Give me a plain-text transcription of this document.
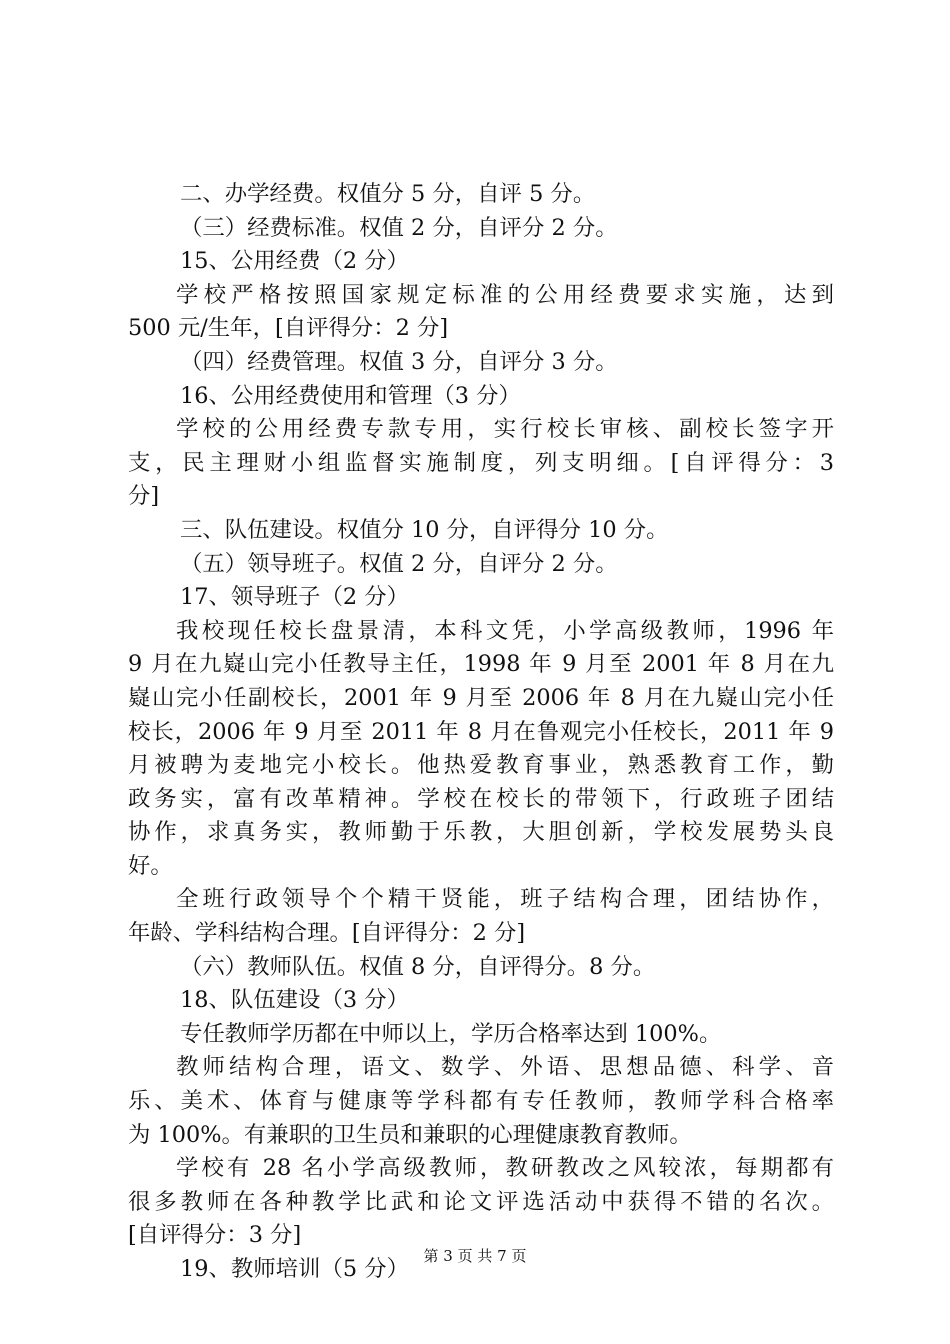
二、办学经费。权值分 5 分，自评 5 分。
（三）经费标准。权值 2 分，自评分 2 分。
15、公用经费（2 分）
学校严格按照国家规定标准的公用经费要求实施，达到
500 元/生年，[自评得分：2 分]
（四）经费管理。权值 3 分，自评分 3 分。
16、公用经费使用和管理（3 分）
学校的公用经费专款专用，实行校长审核、副校长签字开
支，民主理财小组监督实施制度，列支明细。[自评得分：3
分]
三、队伍建设。权值分 10 分，自评得分 10 分。
（五）领导班子。权值 2 分，自评分 2 分。
17、领导班子（2 分）
我校现任校长盘景清，本科文凭，小学高级教师，1996 年
9 月在九嶷山完小任教导主任，1998 年 9 月至 2001 年 8 月在九
嶷山完小任副校长，2001 年 9 月至 2006 年 8 月在九嶷山完小任
校长，2006 年 9 月至 2011 年 8 月在鲁观完小任校长，2011 年 9
月被聘为麦地完小校长。他热爱教育事业，熟悉教育工作，勤
政务实，富有改革精神。学校在校长的带领下，行政班子团结
协作，求真务实，教师勤于乐教，大胆创新，学校发展势头良
好。
全班行政领导个个精干贤能，班子结构合理，团结协作，
年龄、学科结构合理。[自评得分：2 分]
（六）教师队伍。权值 8 分，自评得分。8 分。
18、队伍建设（3 分）
专任教师学历都在中师以上，学历合格率达到 100%。
教师结构合理，语文、数学、外语、思想品德、科学、音
乐、美术、体育与健康等学科都有专任教师，教师学科合格率
为 100%。有兼职的卫生员和兼职的心理健康教育教师。
学校有 28 名小学高级教师，教研教改之风较浓，每期都有
很多教师在各种教学比武和论文评选活动中获得不错的名次。
[自评得分：3 分]
19、教师培训（5 分） 第 3 页 共 7 页
